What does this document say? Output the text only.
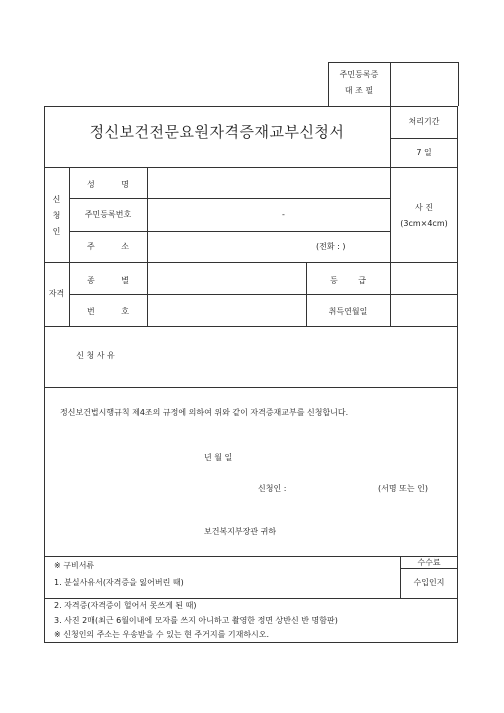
주민등록증
대 조 필
정신보건전문요원자격증재교부신청서
처리기간
7 일
신
청
인
성 명
주민등록번호	-
주 소	(전화 : )
사 진
(3cm×4cm)
자격
종 별	등 급
번 호	취득연월일
신 청 사 유
정신보건법시행규칙 제4조의 규정에 의하여 위와 같이 자격증재교부를 신청합니다.
년 월 일
신청인 :	(서명 또는 인)
보건복지부장관 귀하
수수료
수입인지
※ 구비서류
1. 분실사유서(자격증을 잃어버린 때)
2. 자격증(자격증이 헐어서 못쓰게 된 때)
3. 사진 2매(최근 6월이내에 모자를 쓰지 아니하고 촬영한 정면 상반신 반 명함판)
※ 신청인의 주소는 우송받을 수 있는 현 주거지를 기재하시오.
